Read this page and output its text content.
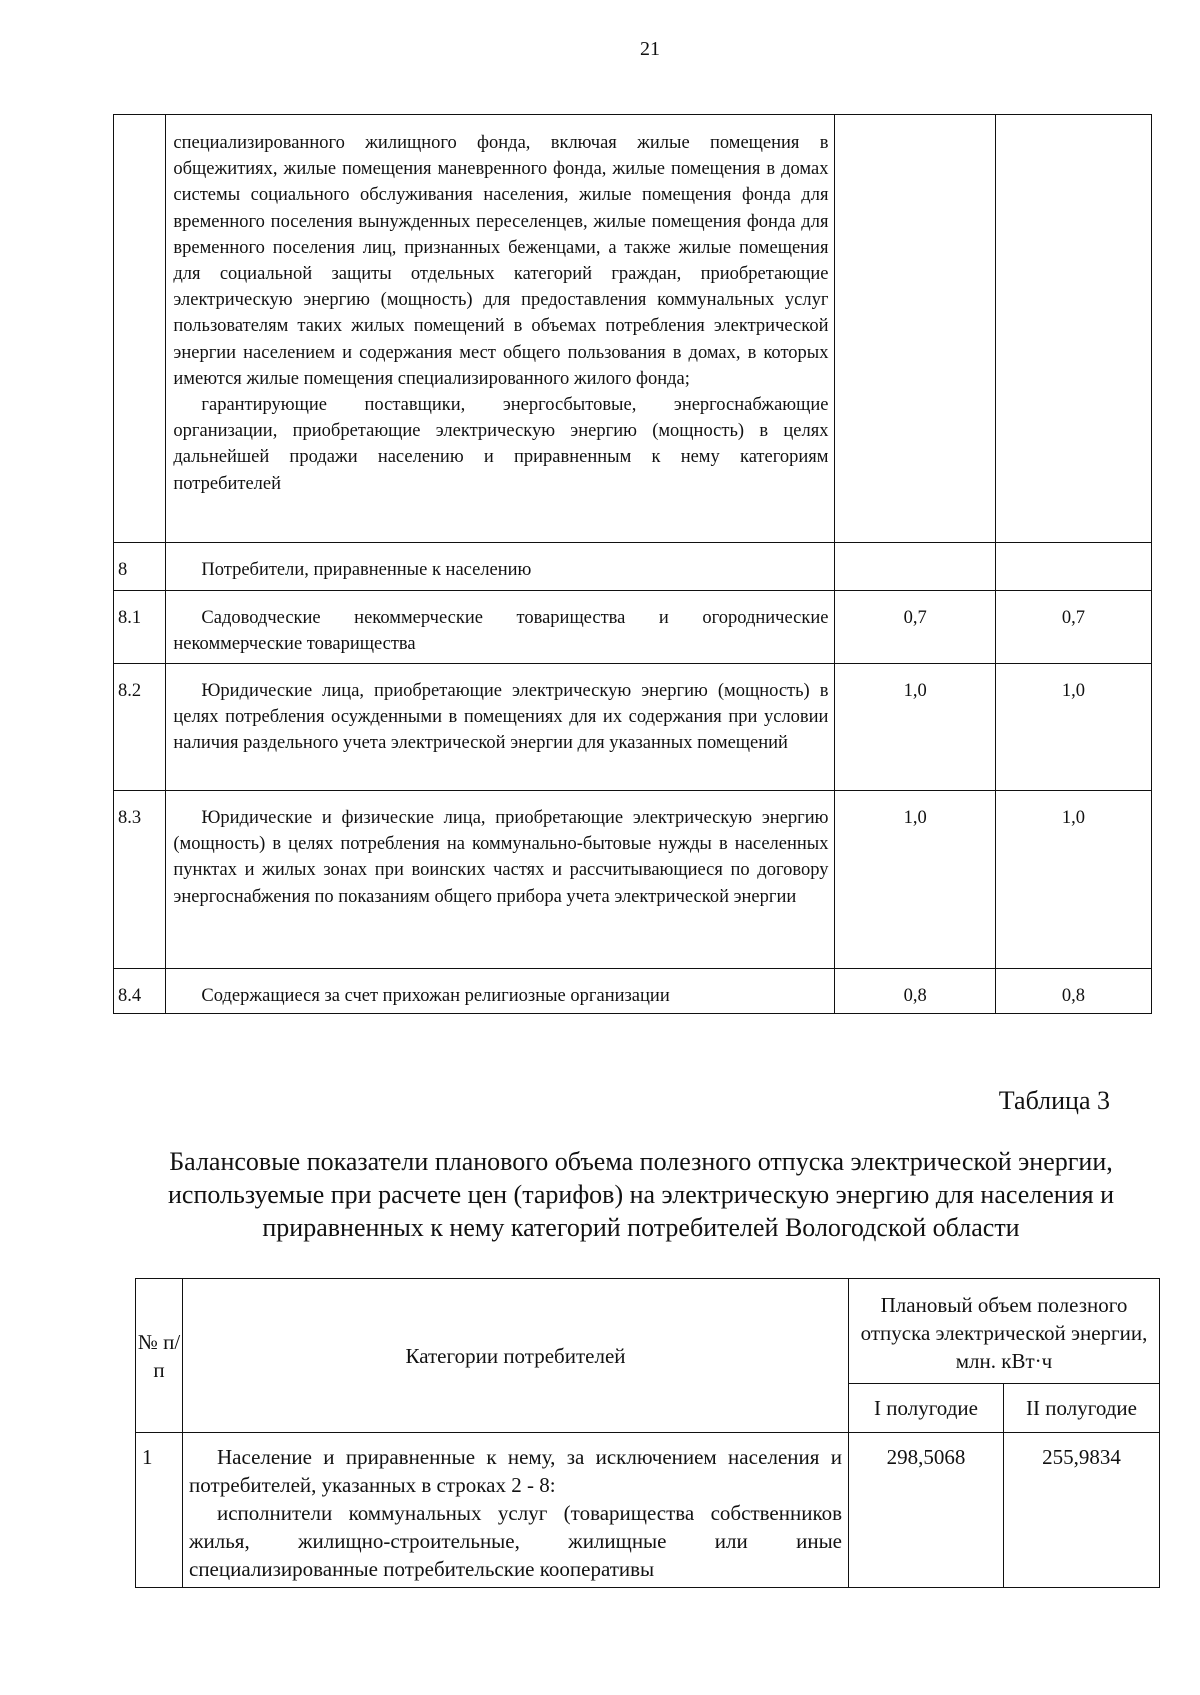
21

	специализированного жилищного фонда, включая жилые помещения в общежитиях, жилые помещения маневренного фонда, жилые помещения в домах системы социального обслуживания населения, жилые помещения фонда для временного поселения вынужденных переселенцев, жилые помещения фонда для временного поселения лиц, признанных беженцами, а также жилые помещения для социальной защиты отдельных категорий граждан, приобретающие электрическую энергию (мощность) для предоставления коммунальных услуг пользователям таких жилых помещений в объемах потребления электрической энергии населением и содержания мест общего пользования в домах, в которых имеются жилые помещения специализированного жилого фонда;
гарантирующие поставщики, энергосбытовые, энергоснабжающие организации, приобретающие электрическую энергию (мощность) в целях дальнейшей продажи населению и приравненным к нему категориям потребителей		

8	Потребители, приравненные к населению		

8.1	Садоводческие некоммерческие товарищества и огороднические некоммерческие товарищества	0,7	0,7
8.2	Юридические лица, приобретающие электрическую энергию (мощность) в целях потребления осужденными в помещениях для их содержания при условии наличия раздельного учета электрической энергии для указанных помещений	1,0	1,0
8.3	Юридические и физические лица, приобретающие электрическую энергию (мощность) в целях потребления на коммунально-бытовые нужды в населенных пунктах и жилых зонах при воинских частях и рассчитывающиеся по договору энергоснабжения по показаниям общего прибора учета электрической энергии	1,0	1,0
8.4	Содержащиеся за счет прихожан религиозные организации	0,8	0,8
Таблица 3
Балансовые показатели планового объема полезного отпуска электрической энергии, используемые при расчете цен (тарифов) на электрическую энергию для населения и приравненных к нему категорий потребителей Вологодской области
№ п/п	Категории потребителей	Плановый объем полезного отпуска электрической энергии, млн. кВт·ч	
		I полугодие	II полугодие
1	Население и приравненные к нему, за исключением населения и потребителей, указанных в строках 2 - 8:
исполнители коммунальных услуг (товарищества собственников жилья, жилищно-строительные, жилищные или иные специализированные потребительские кооперативы	298,5068	255,9834
